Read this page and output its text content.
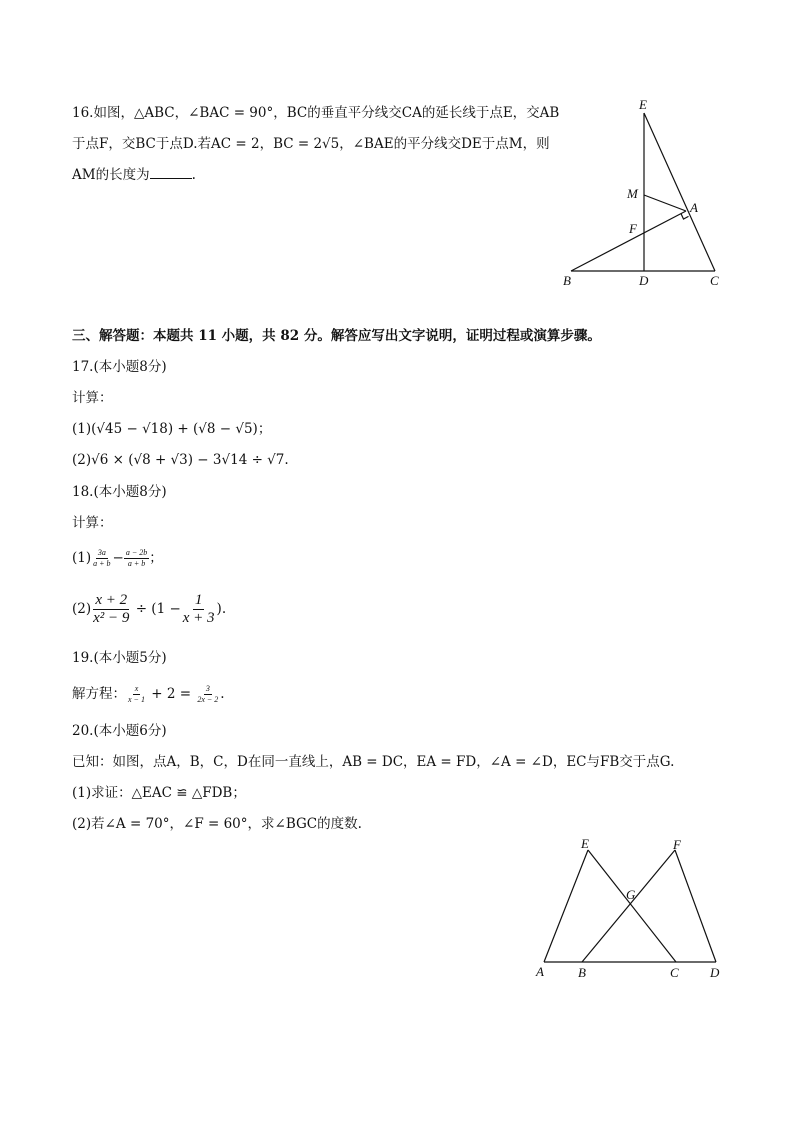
16.如图，△ABC，∠BAC = 90°，BC的垂直平分线交CA的延长线于点E，交AB
于点F，交BC于点D.若AC = 2，BC = 2√5，∠BAE的平分线交DE于点M，则
AM的长度为	.
E
M
A
F
B	D	C
三、解答题：本题共 11 小题，共 82 分。解答应写出文字说明，证明过程或演算步骤。
17.(本小题8分)
计算：
(1)(√45 − √18) + (√8 − √5)；
(2)√6 × (√8 + √3) − 3√14 ÷ √7.
18.(本小题8分)
计算：
$(1) \frac{3a}{a + b} - \frac{a - 2b}{a + b}$ ；
$(2) \frac{x + 2}{\text{x² − 9}} \div (1 - \frac{1}{x + 3}$ ).
19.(本小题5分)
解方程： $\frac{x}{x - 1} + 2 = \frac{3}{2x - 2}$ .
20.(本小题6分)
已知：如图，点A，B，C，D在同一直线上，AB = DC，EA = FD，∠A = ∠D，EC与FB交于点G.
(1)求证：△EAC ≌ △FDB；
(2)若∠A = 70°，∠F = 60°，求∠BGC的度数.
E	F
G
A	B	C D
